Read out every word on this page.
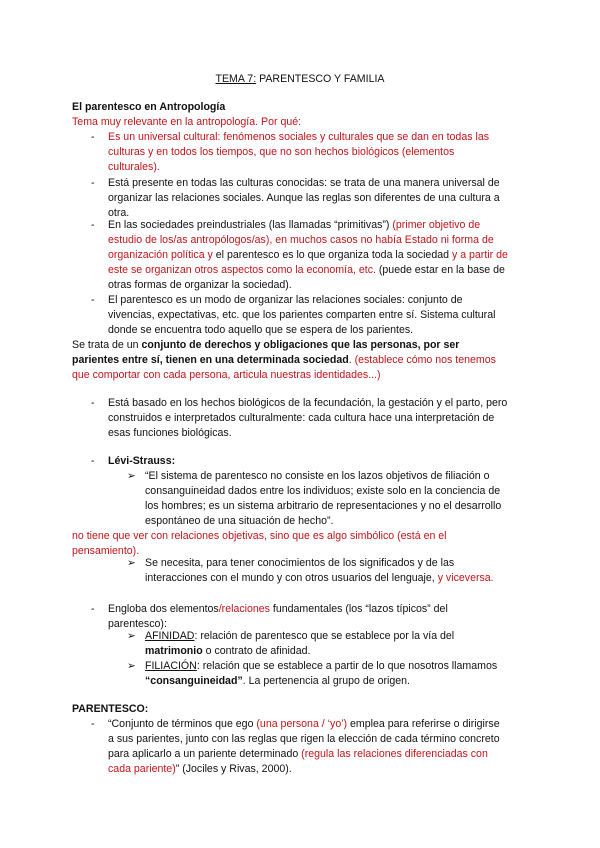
TEMA 7: PARENTESCO Y FAMILIA
El parentesco en Antropología
Tema muy relevante en la antropología. Por qué:
- Es un universal cultural: fenómenos sociales y culturales que se dan en todas las
culturas y en todos los tiempos, que no son hechos biológicos (elementos
culturales).
- Está presente en todas las culturas conocidas: se trata de una manera universal de
organizar las relaciones sociales. Aunque las reglas son diferentes de una cultura a
otra.
- En las sociedades preindustriales (las llamadas “primitivas”) (primer objetivo de
estudio de los/as antropólogos/as), en muchos casos no había Estado ni forma de
organización política y el parentesco es lo que organiza toda la sociedad y a partir de
este se organizan otros aspectos como la economía, etc. (puede estar en la base de
otras formas de organizar la sociedad).
- El parentesco es un modo de organizar las relaciones sociales: conjunto de
vivencias, expectativas, etc. que los parientes comparten entre sí. Sistema cultural
donde se encuentra todo aquello que se espera de los parientes.
Se trata de un conjunto de derechos y obligaciones que las personas, por ser
parientes entre sí, tienen en una determinada sociedad. (establece cómo nos tenemos
que comportar con cada persona, articula nuestras identidades...)
- Está basado en los hechos biológicos de la fecundación, la gestación y el parto, pero
construidos e interpretados culturalmente: cada cultura hace una interpretación de
esas funciones biológicas.
- Lévi-Strauss:
➢ “El sistema de parentesco no consiste en los lazos objetivos de filiación o
consanguineidad dados entre los individuos; existe solo en la conciencia de
los hombres; es un sistema arbitrario de representaciones y no el desarrollo
espontáneo de una situación de hecho”.
no tiene que ver con relaciones objetivas, sino que es algo simbólico (está en el
pensamiento).
➢ Se necesita, para tener conocimientos de los significados y de las
interacciones con el mundo y con otros usuarios del lenguaje, y viceversa.
- Engloba dos elementos/relaciones fundamentales (los “lazos típicos” del
parentesco):
➢ AFINIDAD: relación de parentesco que se establece por la vía del
matrimonio o contrato de afinidad.
➢ FILIACIÓN: relación que se establece a partir de lo que nosotros llamamos
“consanguineidad”. La pertenencia al grupo de origen.
PARENTESCO:
- “Conjunto de términos que ego (una persona / ‘yo’) emplea para referirse o dirigirse
a sus parientes, junto con las reglas que rigen la elección de cada término concreto
para aplicarlo a un pariente determinado (regula las relaciones diferenciadas con
cada pariente)” (Jociles y Rivas, 2000).
